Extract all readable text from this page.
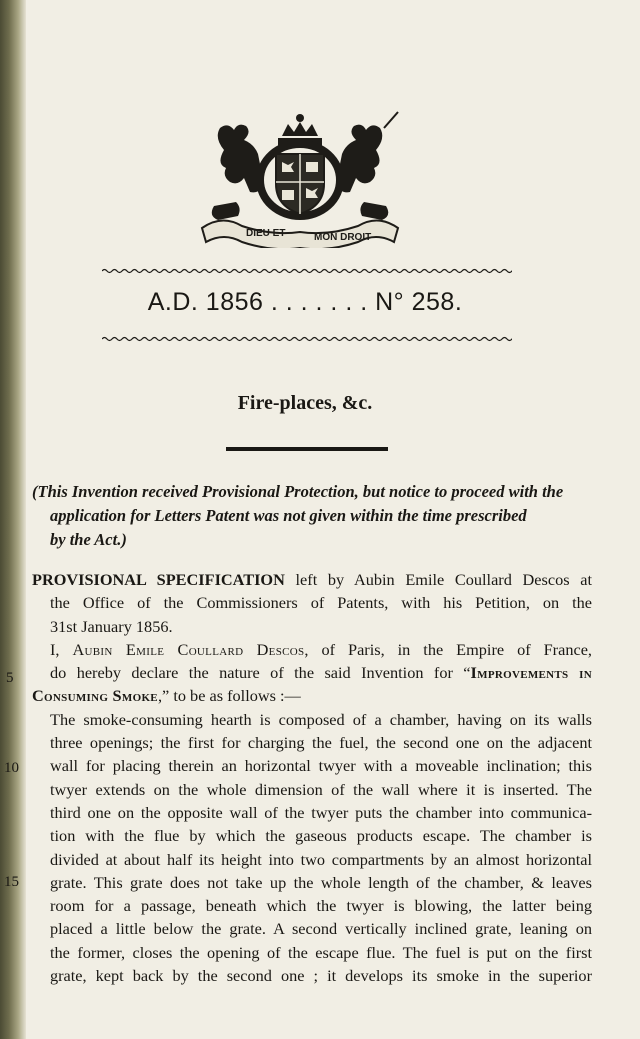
DIEU ET	MON DROIT
A.D. 1856 . . . . . . . N° 258.
Fire-places, &c.
(This Invention received Provisional Protection, but notice to proceed with the
application for Letters Patent was not given within the time prescribed
by the Act.)
PROVISIONAL SPECIFICATION left by Aubin Emile Coullard Descos at
the Office of the Commissioners of Patents, with his Petition, on the
31st January 1856.
I, Aubin Emile Coullard Descos, of Paris, in the Empire of France,
do hereby declare the nature of the said Invention for “Improvements in
Consuming Smoke,” to be as follows :—
The smoke-consuming hearth is composed of a chamber, having on its walls
three openings; the first for charging the fuel, the second one on the adjacent
wall for placing therein an horizontal twyer with a moveable inclination; this
twyer extends on the whole dimension of the wall where it is inserted. The
third one on the opposite wall of the twyer puts the chamber into communica-
tion with the flue by which the gaseous products escape. The chamber is
divided at about half its height into two compartments by an almost horizontal
grate. This grate does not take up the whole length of the chamber, & leaves
room for a passage, beneath which the twyer is blowing, the latter being
placed a little below the grate. A second vertically inclined grate, leaning on
the former, closes the opening of the escape flue. The fuel is put on the first
grate, kept back by the second one ; it develops its smoke in the superior
5
10
15
